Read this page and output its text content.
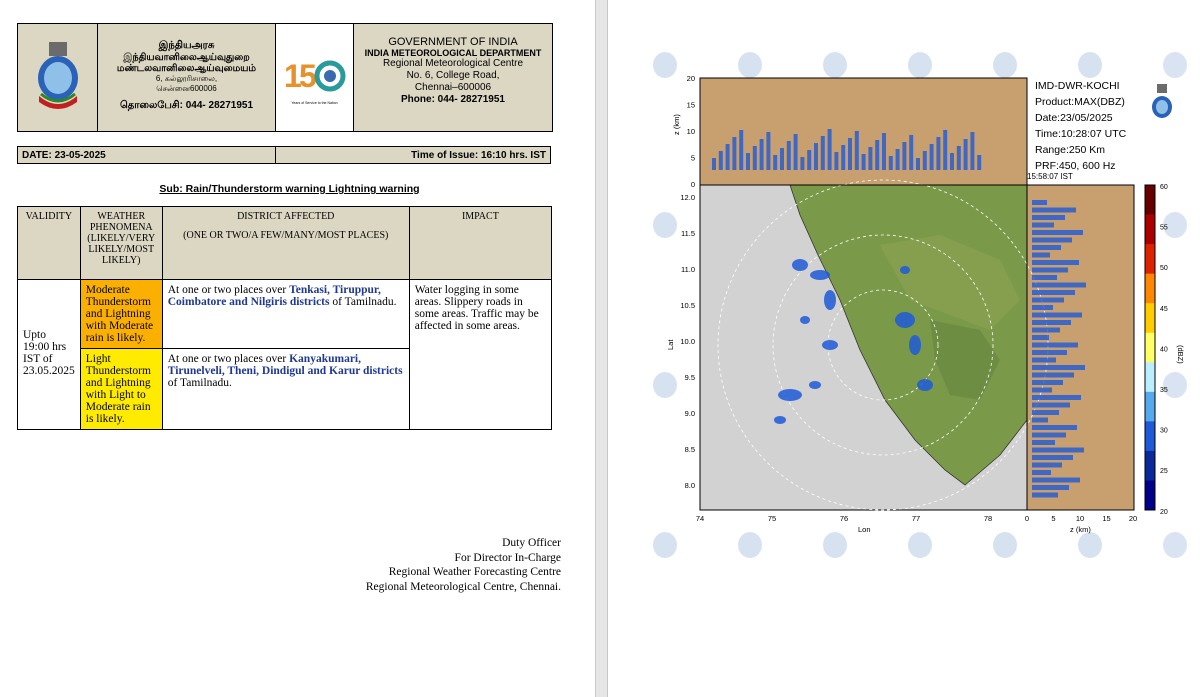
இந்தியஅரசு
இந்தியவானிலைஆய்வுதுறை
மண்டலவானிலைஆய்வுமையம்
6, கல்லூரிசாலை,
சென்னை600006
தொலைபேசி: 044- 28271951
1
5
Years of Service to the Nation
GOVERNMENT OF INDIA
INDIA METEOROLOGICAL DEPARTMENT
Regional Meteorological Centre
No. 6, College Road,
Chennai–600006
Phone: 044- 28271951
DATE: 23-05-2025	Time of Issue: 16:10 hrs. IST
Sub: Rain/Thunderstorm warning Lightning warning
VALIDITY	WEATHER PHENOMENA (LIKELY/VERY LIKELY/MOST LIKELY)	DISTRICT AFFECTED
(ONE OR TWO/A FEW/MANY/MOST PLACES)	IMPACT
Upto 19:00 hrs IST of 23.05.2025	Moderate Thunderstorm and Lightning with Moderate rain is likely.	At one or two places over Tenkasi, Tiruppur, Coimbatore and Nilgiris districts of Tamilnadu.	Water logging in some areas. Slippery roads in some areas. Traffic may be affected in some areas.
	Light Thunderstorm and Lightning with Light to Moderate rain is likely.	At one or two places over Kanyakumari, Tirunelveli, Theni, Dindigul and Karur districts of Tamilnadu.	
Duty Officer
For Director In-Charge
Regional Weather Forecasting Centre
Regional Meteorological Centre, Chennai.
60
55
50
45
40
35
30
25
20
74	75	76	77	78
12.0
11.5
11.0
10.5
10.0
9.5
9.0
8.5
8.0
20
15
10
5
0
0	5	10 15 20
Lon	z (km)
Lat
z (km)
(dBZ)
IMD-DWR-KOCHI
Product:MAX(DBZ)
Date:23/05/2025
Time:10:28:07 UTC
Range:250 Km
PRF:450, 600 Hz
15:58:07 IST
